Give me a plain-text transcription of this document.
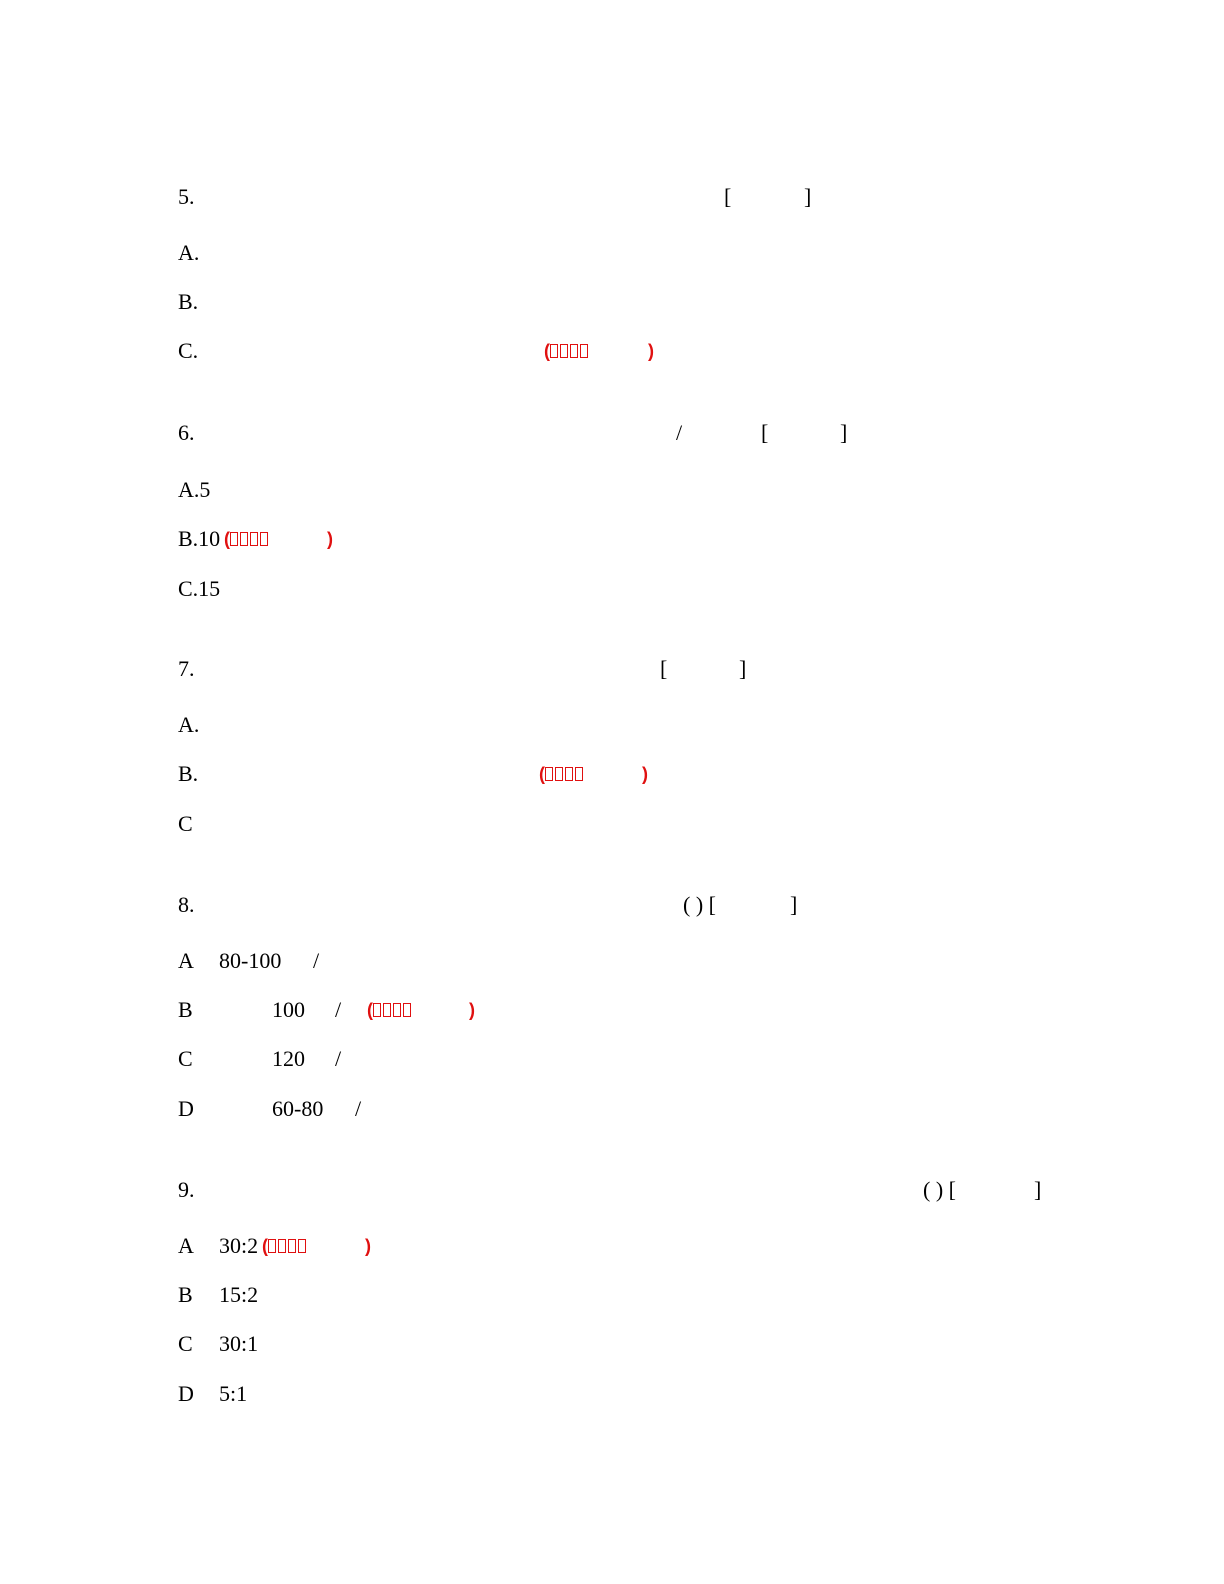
5.	[	]
A.
B.
C.	(	)
6.	/	[	]
A.5
B.10 (	)
C.15
7.	[	]
A.
B.	(	)
C
8.	( ) [	]
A 80-100 /
B	100 / (	)
C	120 /
D	60-80 /
9.	( ) [	]
A 30:2 (	)
B 15:2
C 30:1
D 5:1
